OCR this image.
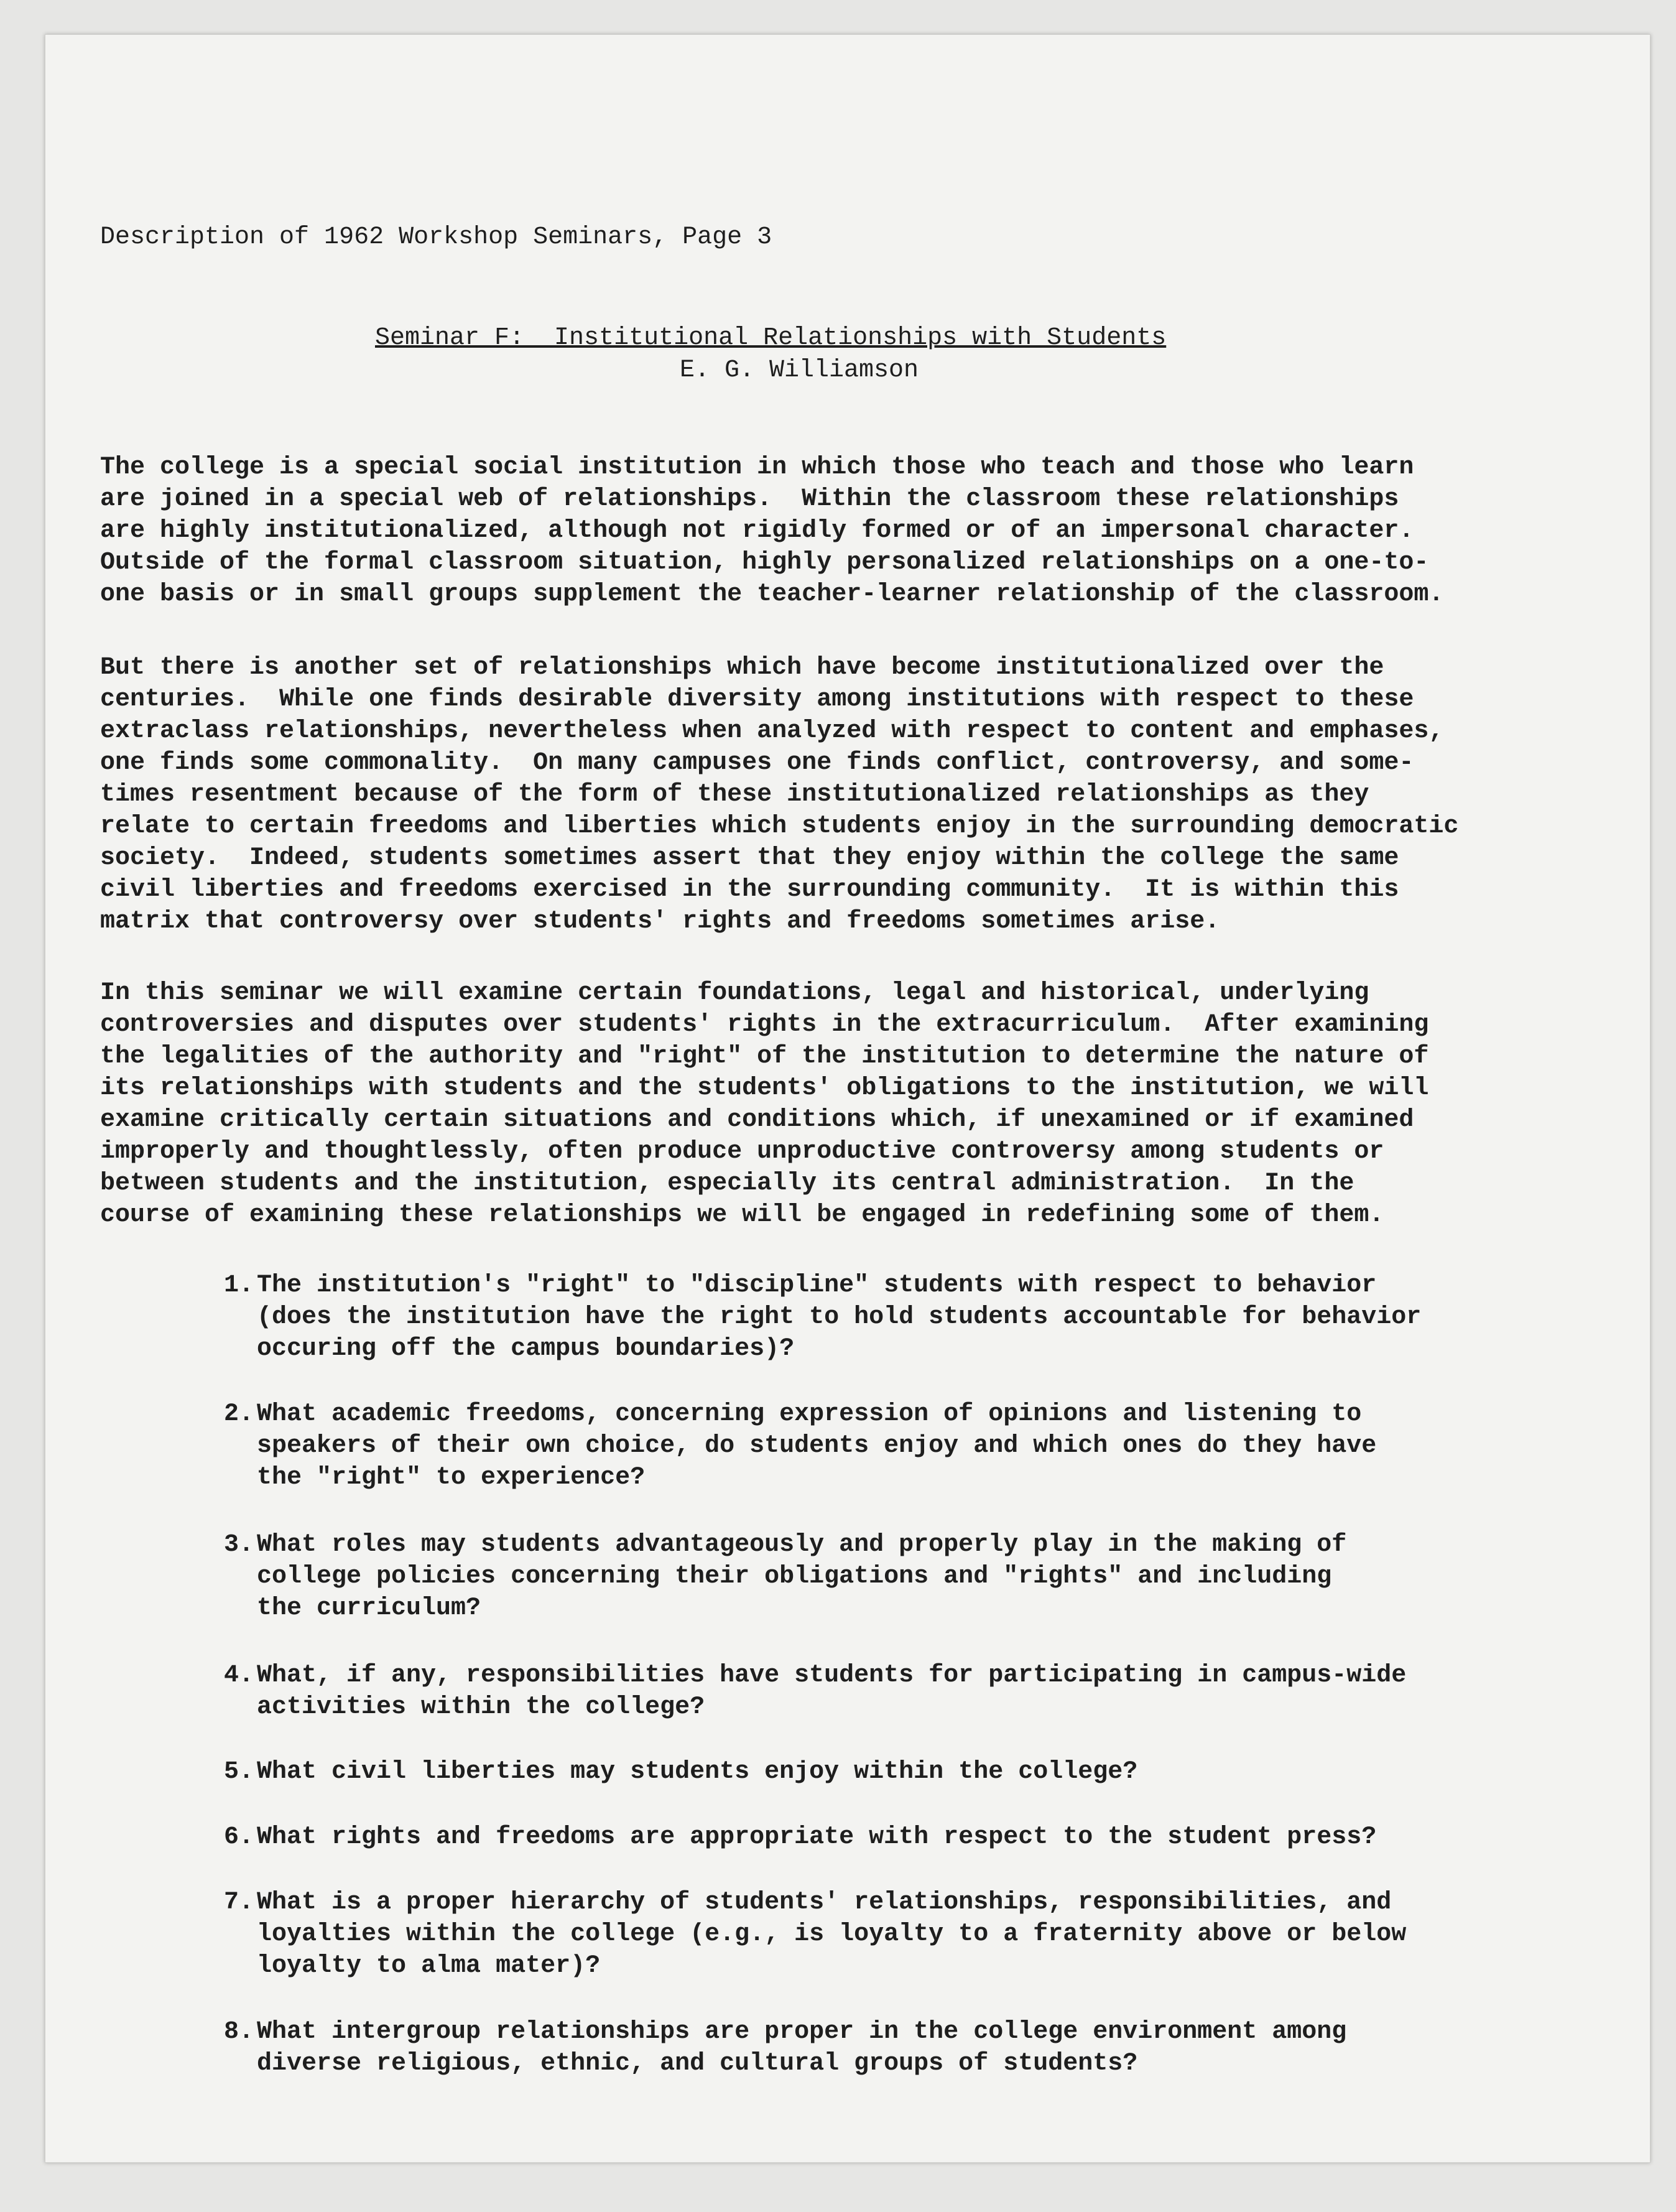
Description of 1962 Workshop Seminars, Page 3
Seminar F:  Institutional Relationships with Students
E. G. Williamson
The college is a special social institution in which those who teach and those who learn
are joined in a special web of relationships.  Within the classroom these relationships
are highly institutionalized, although not rigidly formed or of an impersonal character.
Outside of the formal classroom situation, highly personalized relationships on a one-to-
one basis or in small groups supplement the teacher-learner relationship of the classroom.
But there is another set of relationships which have become institutionalized over the
centuries.  While one finds desirable diversity among institutions with respect to these
extraclass relationships, nevertheless when analyzed with respect to content and emphases,
one finds some commonality.  On many campuses one finds conflict, controversy, and some-
times resentment because of the form of these institutionalized relationships as they
relate to certain freedoms and liberties which students enjoy in the surrounding democratic
society.  Indeed, students sometimes assert that they enjoy within the college the same
civil liberties and freedoms exercised in the surrounding community.  It is within this
matrix that controversy over students' rights and freedoms sometimes arise.
In this seminar we will examine certain foundations, legal and historical, underlying
controversies and disputes over students' rights in the extracurriculum.  After examining
the legalities of the authority and "right" of the institution to determine the nature of
its relationships with students and the students' obligations to the institution, we will
examine critically certain situations and conditions which, if unexamined or if examined
improperly and thoughtlessly, often produce unproductive controversy among students or
between students and the institution, especially its central administration.  In the
course of examining these relationships we will be engaged in redefining some of them.
1. The institution's "right" to "discipline" students with respect to behavior
(does the institution have the right to hold students accountable for behavior
occuring off the campus boundaries)?
2. What academic freedoms, concerning expression of opinions and listening to
speakers of their own choice, do students enjoy and which ones do they have
the "right" to experience?
3. What roles may students advantageously and properly play in the making of
college policies concerning their obligations and "rights" and including
the curriculum?
4. What, if any, responsibilities have students for participating in campus-wide
activities within the college?
5. What civil liberties may students enjoy within the college?
6. What rights and freedoms are appropriate with respect to the student press?
7. What is a proper hierarchy of students' relationships, responsibilities, and
loyalties within the college (e.g., is loyalty to a fraternity above or below
loyalty to alma mater)?
8. What intergroup relationships are proper in the college environment among
diverse religious, ethnic, and cultural groups of students?
